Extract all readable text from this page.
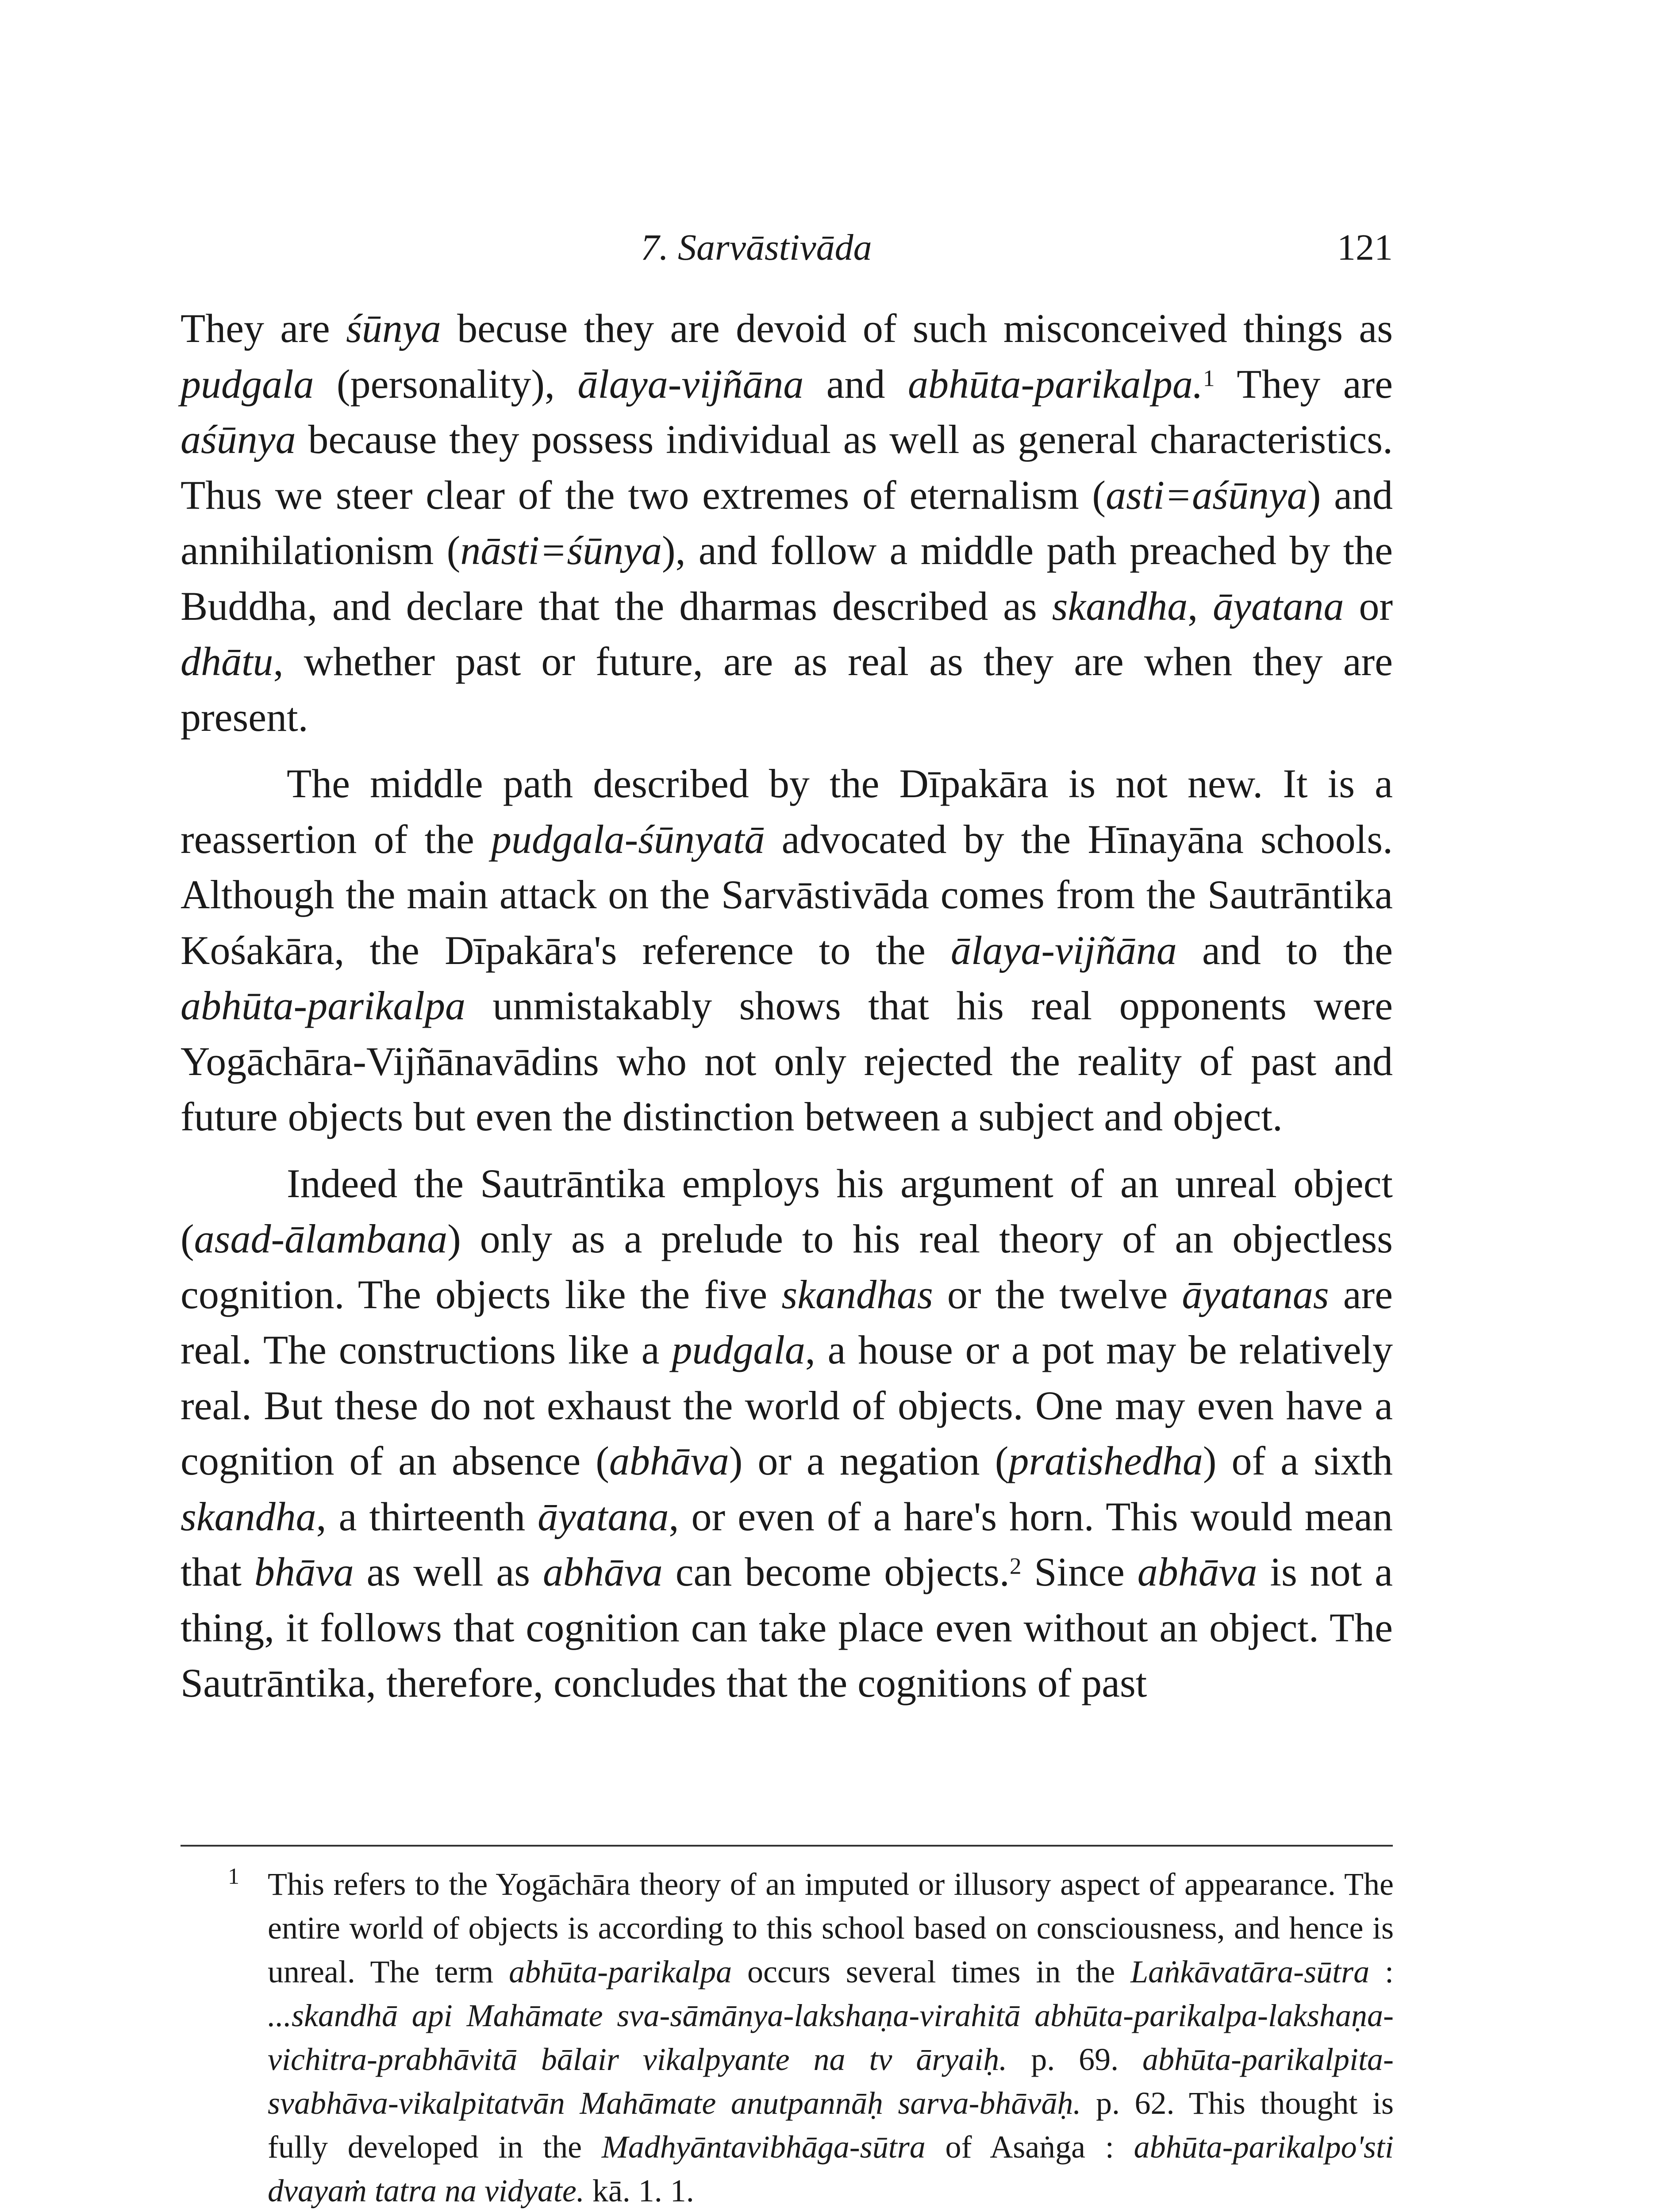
7. Sarvāstivāda	121

They are śūnya becuse they are devoid of such misconceived things as pudgala (personality), ālaya-vijñāna and abhūta-parikalpa.$^1$ They are aśūnya because they possess individual as well as general characteristics. Thus we steer clear of the two extremes of eternalism (asti=aśūnya) and annihilationism (nāsti=śūnya), and follow a middle path preached by the Buddha, and declare that the dharmas described as skandha, āyatana or dhātu, whether past or future, are as real as they are when they are present.

The middle path described by the Dīpakāra is not new. It is a reassertion of the pudgala-śūnyatā advocated by the Hīnayāna schools. Although the main attack on the Sarvāstivāda comes from the Sautrāntika Kośakāra, the Dīpakāra's reference to the ālaya-vijñāna and to the abhūta-parikalpa unmistakably shows that his real opponents were Yogāchāra-Vijñānavādins who not only rejected the reality of past and future objects but even the distinction between a subject and object.

Indeed the Sautrāntika employs his argument of an unreal object (asad-ālambana) only as a prelude to his real theory of an objectless cognition. The objects like the five skandhas or the twelve āyatanas are real. The constructions like a pudgala, a house or a pot may be relatively real. But these do not exhaust the world of objects. One may even have a cognition of an absence (abhāva) or a negation (pratishedha) of a sixth skandha, a thirteenth āyatana, or even of a hare's horn. This would mean that bhāva as well as abhāva can become objects.$^2$ Since abhāva is not a thing, it follows that cognition can take place even without an object. The Sautrāntika, therefore, concludes that the cognitions of past

1 This refers to the Yogāchāra theory of an imputed or illusory aspect of appearance. The entire world of objects is according to this school based on consciousness, and hence is unreal. The term abhūta-parikalpa occurs several times in the Laṅkāvatāra-sūtra : ...skandhā api Mahāmate sva-sāmānya-lakshaṇa-virahitā abhūta-parikalpa-lakshaṇa-vichitra-prabhāvitā bālair vikalpyante na tv āryaiḥ. p. 69. abhūta-parikalpita-svabhāva-vikalpitatvān Mahāmate anutpannāḥ sarva-bhāvāḥ. p. 62. This thought is fully developed in the Madhyāntavibhāga-sūtra of Asaṅga : abhūta-parikalpo'sti dvayaṁ tatra na vidyate. kā. 1. 1.
